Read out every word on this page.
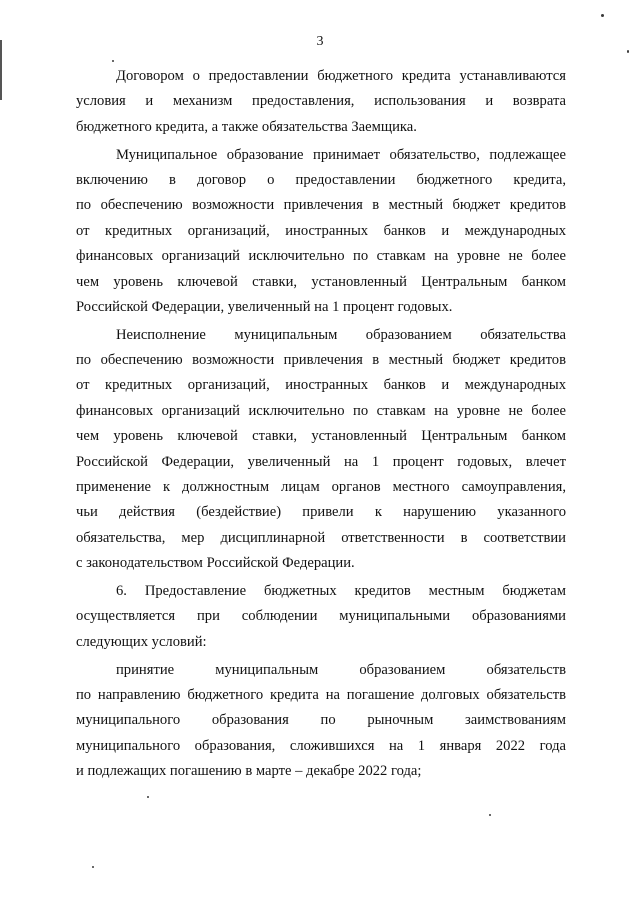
3
Договором о предоставлении бюджетного кредита устанавливаются
условия и механизм предоставления, использования и возврата
бюджетного кредита, а также обязательства Заемщика.
Муниципальное образование принимает обязательство, подлежащее
включению в договор о предоставлении бюджетного кредита,
по обеспечению возможности привлечения в местный бюджет кредитов
от кредитных организаций, иностранных банков и международных
финансовых организаций исключительно по ставкам на уровне не более
чем уровень ключевой ставки, установленный Центральным банком
Российской Федерации, увеличенный на 1 процент годовых.
Неисполнение муниципальным образованием обязательства
по обеспечению возможности привлечения в местный бюджет кредитов
от кредитных организаций, иностранных банков и международных
финансовых организаций исключительно по ставкам на уровне не более
чем уровень ключевой ставки, установленный Центральным банком
Российской Федерации, увеличенный на 1 процент годовых, влечет
применение к должностным лицам органов местного самоуправления,
чьи действия (бездействие) привели к нарушению указанного
обязательства, мер дисциплинарной ответственности в соответствии
с законодательством Российской Федерации.
6. Предоставление бюджетных кредитов местным бюджетам
осуществляется при соблюдении муниципальными образованиями
следующих условий:
принятие муниципальным образованием обязательств
по направлению бюджетного кредита на погашение долговых обязательств
муниципального образования по рыночным заимствованиям
муниципального образования, сложившихся на 1 января 2022 года
и подлежащих погашению в марте – декабре 2022 года;
